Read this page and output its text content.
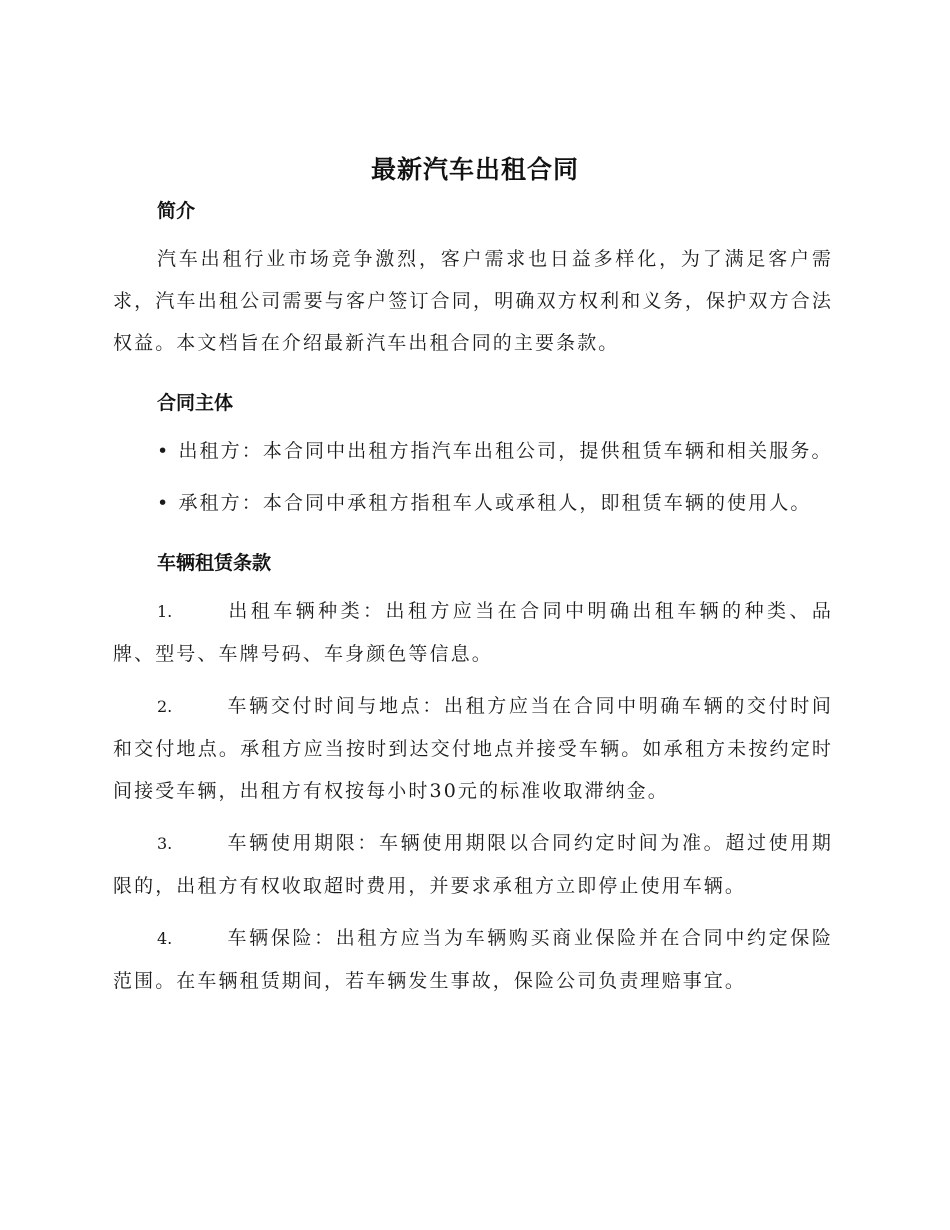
最新汽车出租合同
简介

汽车出租行业市场竞争激烈，客户需求也日益多样化，为了满足客户需求，汽车出租公司需要与客户签订合同，明确双方权利和义务，保护双方合法权益。本文档旨在介绍最新汽车出租合同的主要条款。

合同主体

• 出租方：本合同中出租方指汽车出租公司，提供租赁车辆和相关服务。

• 承租方：本合同中承租方指租车人或承租人，即租赁车辆的使用人。

车辆租赁条款

1.	出租车辆种类：出租方应当在合同中明确出租车辆的种类、品牌、型号、车牌号码、车身颜色等信息。

2.	车辆交付时间与地点：出租方应当在合同中明确车辆的交付时间和交付地点。承租方应当按时到达交付地点并接受车辆。如承租方未按约定时间接受车辆，出租方有权按每小时30元的标准收取滞纳金。

3.	车辆使用期限：车辆使用期限以合同约定时间为准。超过使用期限的，出租方有权收取超时费用，并要求承租方立即停止使用车辆。

4.	车辆保险：出租方应当为车辆购买商业保险并在合同中约定保险范围。在车辆租赁期间，若车辆发生事故，保险公司负责理赔事宜。
